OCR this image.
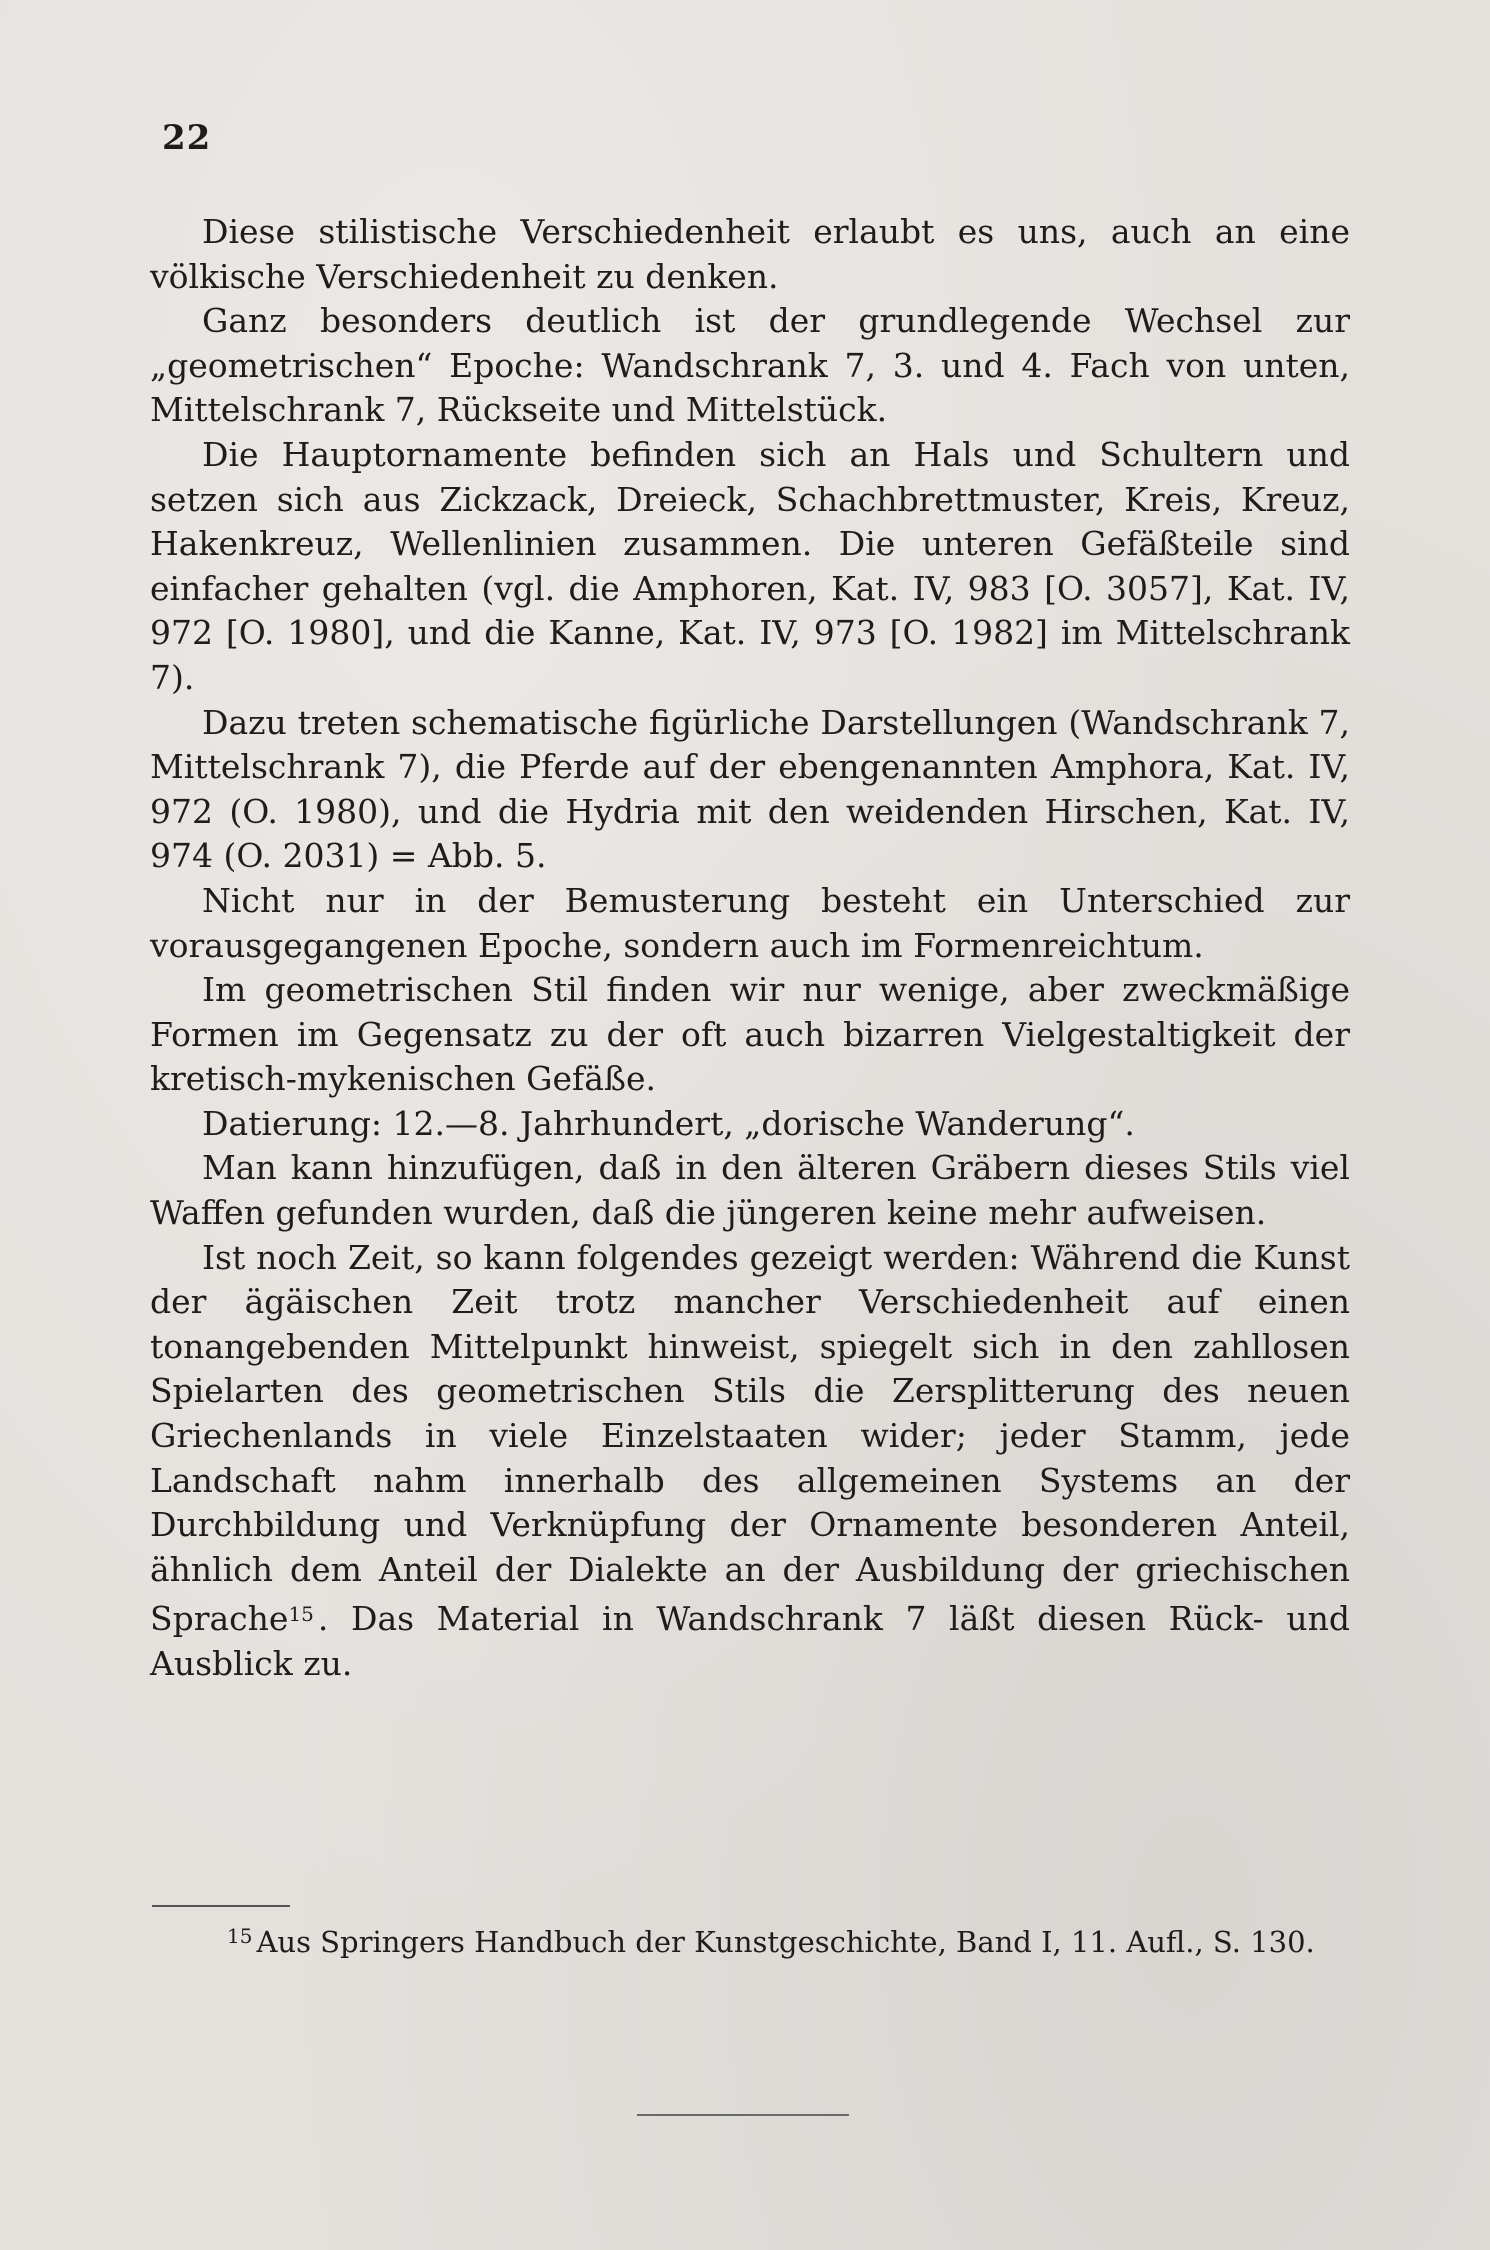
22

Diese stilistische Verschiedenheit erlaubt es uns, auch an eine völkische Verschiedenheit zu denken.

Ganz besonders deutlich ist der grundlegende Wechsel zur „geometrischen“ Epoche: Wandschrank 7, 3. und 4. Fach von unten, Mittelschrank 7, Rückseite und Mittelstück.

Die Hauptornamente befinden sich an Hals und Schultern und setzen sich aus Zickzack, Dreieck, Schachbrettmuster, Kreis, Kreuz, Hakenkreuz, Wellenlinien zusammen. Die unteren Gefäßteile sind einfacher gehalten (vgl. die Amphoren, Kat. IV, 983 [O. 3057], Kat. IV, 972 [O. 1980], und die Kanne, Kat. IV, 973 [O. 1982] im Mittelschrank 7).

Dazu treten schematische figürliche Darstellungen (Wandschrank 7, Mittelschrank 7), die Pferde auf der ebengenannten Amphora, Kat. IV, 972 (O. 1980), und die Hydria mit den weidenden Hirschen, Kat. IV, 974 (O. 2031) = Abb. 5.

Nicht nur in der Bemusterung besteht ein Unterschied zur vorausgegangenen Epoche, sondern auch im Formenreichtum.

Im geometrischen Stil finden wir nur wenige, aber zweckmäßige Formen im Gegensatz zu der oft auch bizarren Vielgestaltigkeit der kretisch-mykenischen Gefäße.

Datierung: 12.—8. Jahrhundert, „dorische Wanderung“.

Man kann hinzufügen, daß in den älteren Gräbern dieses Stils viel Waffen gefunden wurden, daß die jüngeren keine mehr aufweisen.

Ist noch Zeit, so kann folgendes gezeigt werden: Während die Kunst der ägäischen Zeit trotz mancher Verschiedenheit auf einen tonangebenden Mittelpunkt hinweist, spiegelt sich in den zahllosen Spielarten des geometrischen Stils die Zersplitterung des neuen Griechenlands in viele Einzelstaaten wider; jeder Stamm, jede Landschaft nahm innerhalb des allgemeinen Systems an der Durchbildung und Verknüpfung der Ornamente besonderen Anteil, ähnlich dem Anteil der Dialekte an der Ausbildung der griechischen Sprache$^{15}$ . Das Material in Wandschrank 7 läßt diesen Rück- und Ausblick zu.

$^{15}$ Aus Springers Handbuch der Kunstgeschichte, Band I, 11. Aufl., S. 130.
